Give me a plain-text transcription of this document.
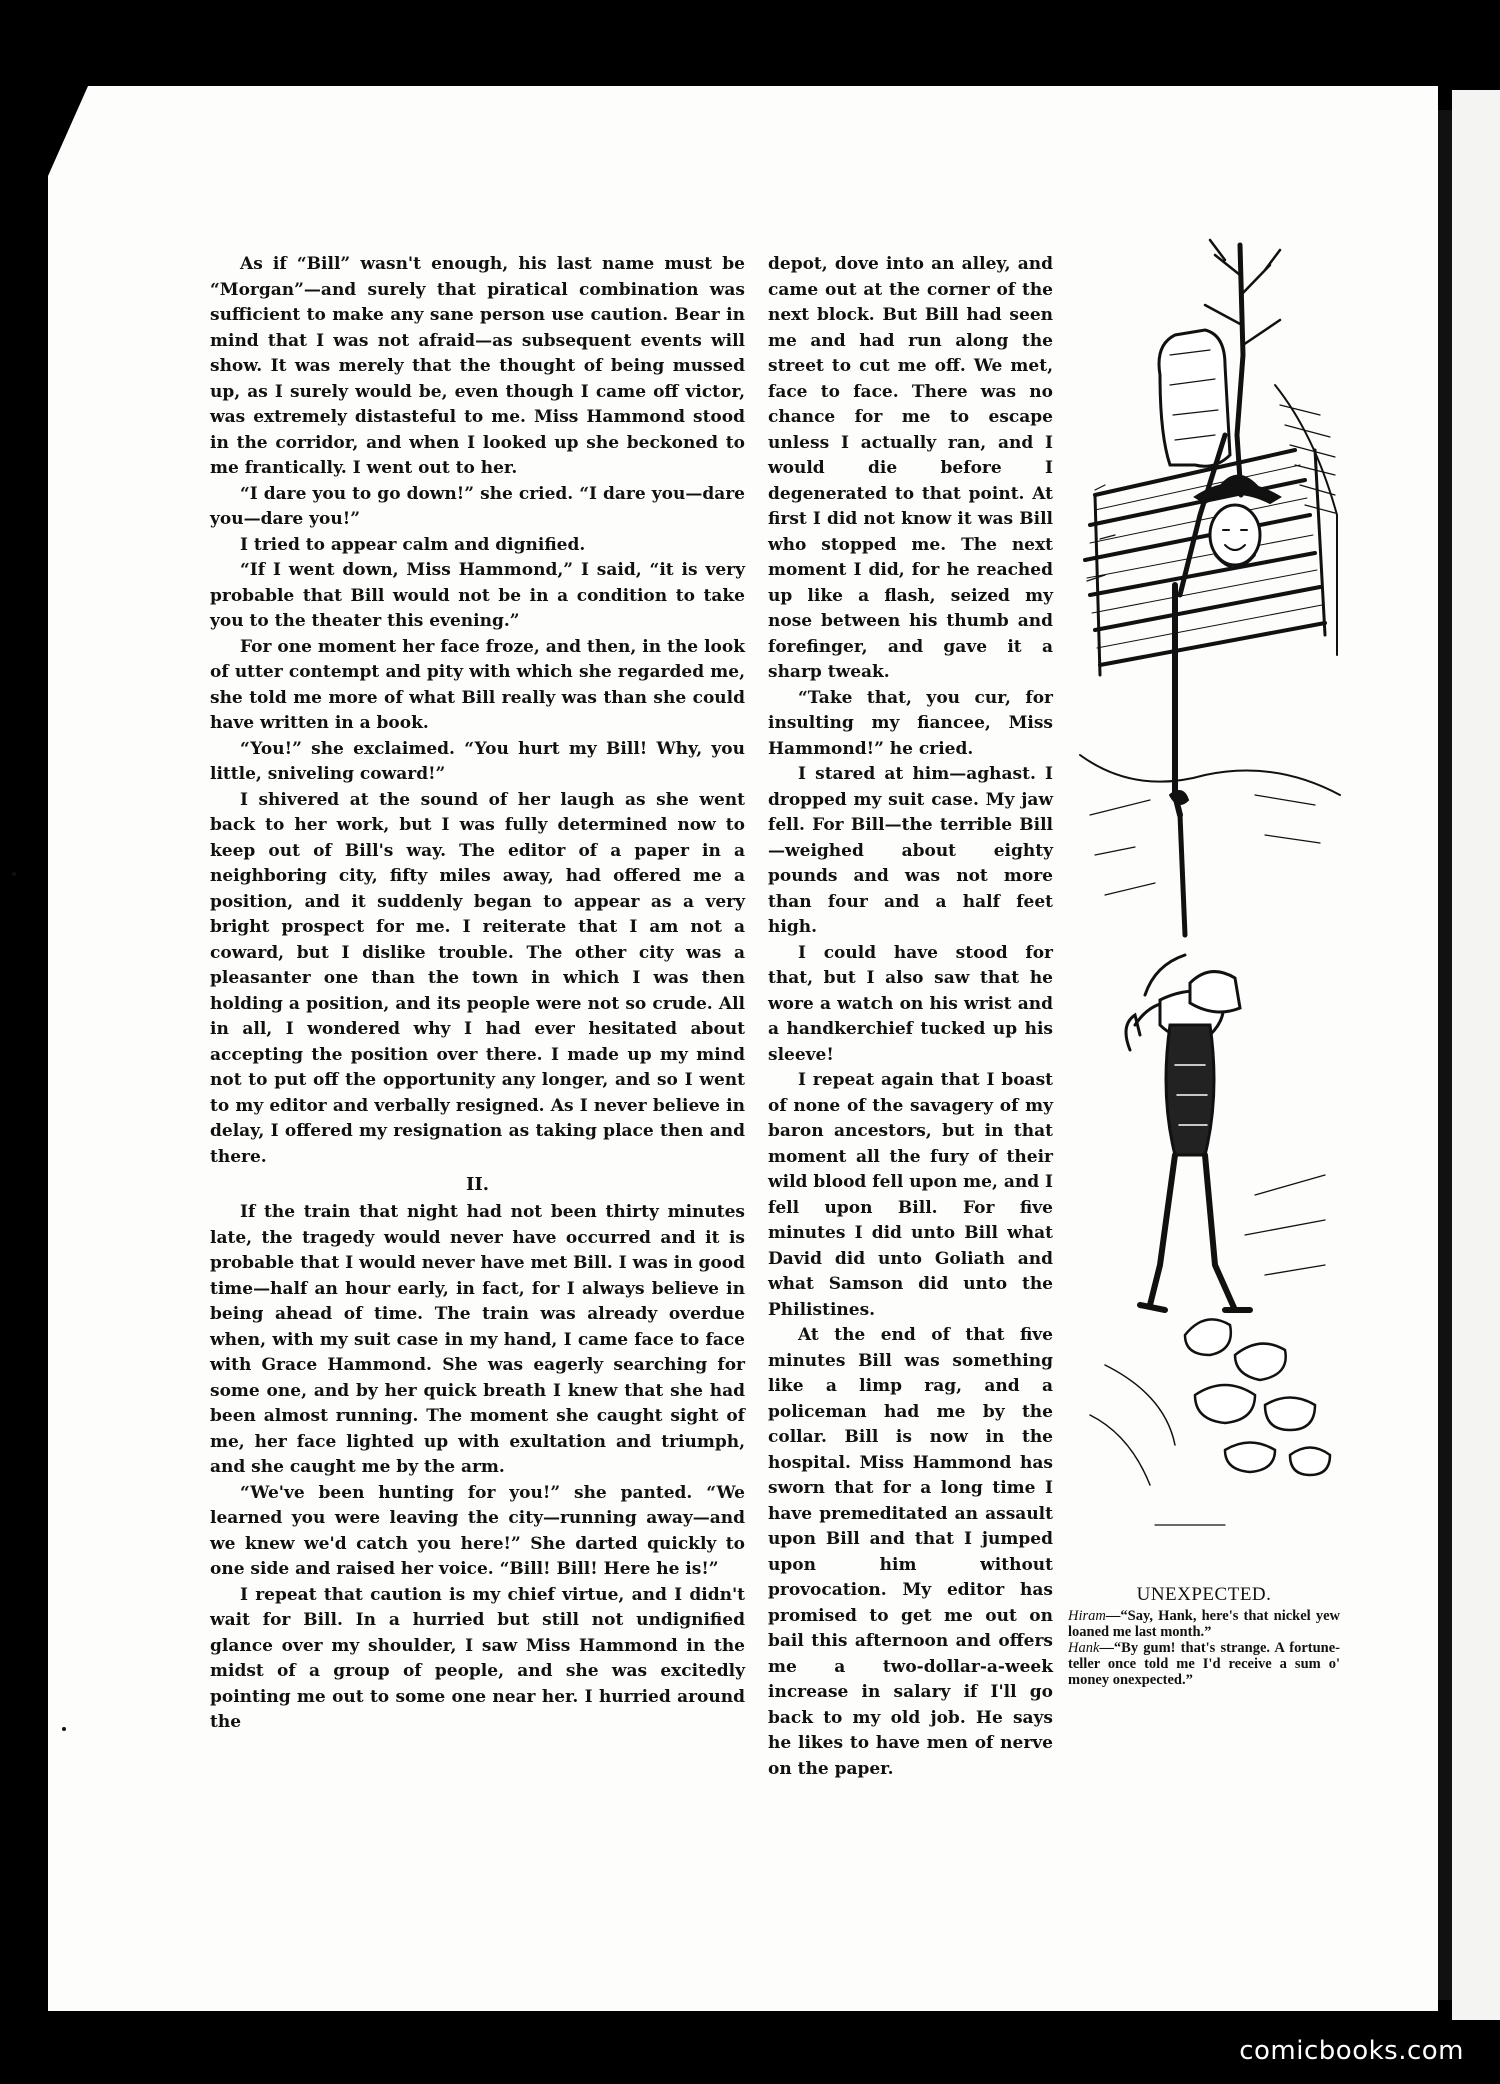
As if “Bill” wasn't enough, his last name must be “Morgan”—and surely that piratical combination was sufficient to make any sane person use caution. Bear in mind that I was not afraid—as subsequent events will show. It was merely that the thought of being mussed up, as I surely would be, even though I came off victor, was extremely distasteful to me. Miss Hammond stood in the corridor, and when I looked up she beckoned to me frantically. I went out to her.

“I dare you to go down!” she cried. “I dare you—dare you—dare you!”

I tried to appear calm and dignified.

“If I went down, Miss Hammond,” I said, “it is very probable that Bill would not be in a condition to take you to the theater this evening.”

For one moment her face froze, and then, in the look of utter contempt and pity with which she regarded me, she told me more of what Bill really was than she could have written in a book.

“You!” she exclaimed. “You hurt my Bill! Why, you little, sniveling coward!”

I shivered at the sound of her laugh as she went back to her work, but I was fully determined now to keep out of Bill's way. The editor of a paper in a neighboring city, fifty miles away, had offered me a position, and it suddenly began to appear as a very bright prospect for me. I reiterate that I am not a coward, but I dislike trouble. The other city was a pleasanter one than the town in which I was then holding a position, and its people were not so crude. All in all, I wondered why I had ever hesitated about accepting the position over there. I made up my mind not to put off the opportunity any longer, and so I went to my editor and verbally resigned. As I never believe in delay, I offered my resignation as taking place then and there.

II.

If the train that night had not been thirty minutes late, the tragedy would never have occurred and it is probable that I would never have met Bill. I was in good time—half an hour early, in fact, for I always believe in being ahead of time. The train was already overdue when, with my suit case in my hand, I came face to face with Grace Hammond. She was eagerly searching for some one, and by her quick breath I knew that she had been almost running. The moment she caught sight of me, her face lighted up with exultation and triumph, and she caught me by the arm.

“We've been hunting for you!” she panted. “We learned you were leaving the city—running away—and we knew we'd catch you here!” She darted quickly to one side and raised her voice. “Bill! Bill! Here he is!”

I repeat that caution is my chief virtue, and I didn't wait for Bill. In a hurried but still not undignified glance over my shoulder, I saw Miss Hammond in the midst of a group of people, and she was excitedly pointing me out to some one near her. I hurried around the

depot, dove into an alley, and came out at the corner of the next block. But Bill had seen me and had run along the street to cut me off. We met, face to face. There was no chance for me to escape unless I actually ran, and I would die before I degenerated to that point. At first I did not know it was Bill who stopped me. The next moment I did, for he reached up like a flash, seized my nose between his thumb and forefinger, and gave it a sharp tweak.

“Take that, you cur, for insulting my fiancee, Miss Hammond!” he cried.

I stared at him—aghast. I dropped my suit case. My jaw fell. For Bill—the terrible Bill—weighed about eighty pounds and was not more than four and a half feet high.

I could have stood for that, but I also saw that he wore a watch on his wrist and a handkerchief tucked up his sleeve!

I repeat again that I boast of none of the savagery of my baron ancestors, but in that moment all the fury of their wild blood fell upon me, and I fell upon Bill. For five minutes I did unto Bill what David did unto Goliath and what Samson did unto the Philistines.

At the end of that five minutes Bill was something like a limp rag, and a policeman had me by the collar. Bill is now in the hospital. Miss Hammond has sworn that for a long time I have premeditated an assault upon Bill and that I jumped upon him without provocation. My editor has promised to get me out on bail this afternoon and offers me a two-dollar-a-week increase in salary if I'll go back to my old job. He says he likes to have men of nerve on the paper.

UNEXPECTED.
Hiram—“Say, Hank, here's that nickel yew loaned me last month.”
Hank—“By gum! that's strange. A fortune-teller once told me I'd receive a sum o' money onexpected.”
comicbooks.com
